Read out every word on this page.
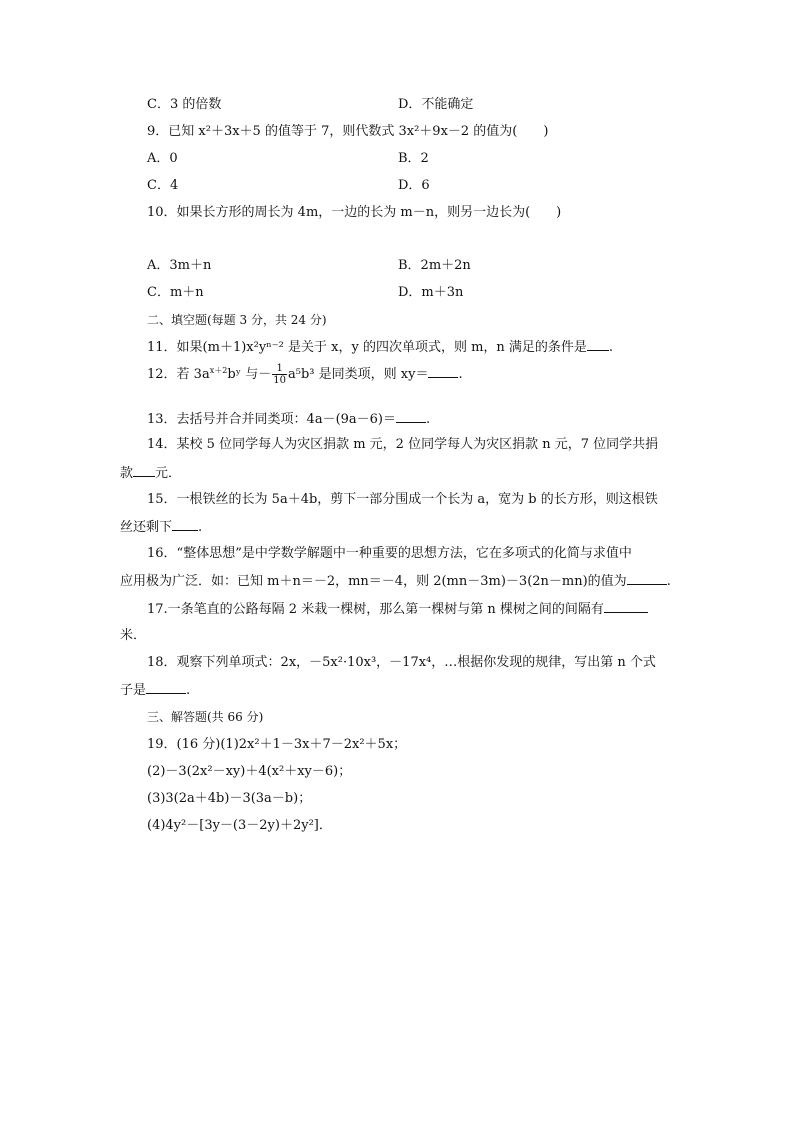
C．3 的倍数	D．不能确定
9．已知 x²＋3x＋5 的值等于 7，则代数式 3x²＋9x－2 的值为(　　)
A．0	B．2
C．4	D．6
10．如果长方形的周长为 4m，一边的长为 m－n，则另一边长为(　　)
A．3m＋n	B．2m＋2n
C．m＋n	D．m＋3n
二、填空题(每题 3 分，共 24 分)
11．如果(m＋1)x²yⁿ⁻² 是关于 x，y 的四次单项式，则 m，n 满足的条件是 .
12．若 $3a^{x+2}bʸ$ 与－ $\frac{1}{10} a^5b^3$ 是同类项，则 xy＝ .
13．去括号并合并同类项：4a－(9a－6)＝ .
14．某校 5 位同学每人为灾区捐款 m 元，2 位同学每人为灾区捐款 n 元，7 位同学共捐
款 元．
15．一根铁丝的长为 5a＋4b，剪下一部分围成一个长为 a，宽为 b 的长方形，则这根铁
丝还剩下 .
16．“整体思想”是中学数学解题中一种重要的思想方法，它在多项式的化简与求值中
应用极为广泛．如：已知 m＋n＝－2，mn＝－4，则 2(mn－3m)－3(2n－mn)的值为	.
17.一条笔直的公路每隔 2 米栽一棵树，那么第一棵树与第 n 棵树之间的间隔有
米．
18．观察下列单项式：2x，－5x²·10x³，－17x⁴，…根据你发现的规律，写出第 n 个式
子是	.
三、解答题(共 66 分)
19．(16 分)(1)2x²＋1－3x＋7－2x²＋5x；
(2)－3(2x²－xy)＋4(x²＋xy－6)；
(3)3(2a＋4b)－3(3a－b)；
(4)4y²－[3y－(3－2y)＋2y²]．
